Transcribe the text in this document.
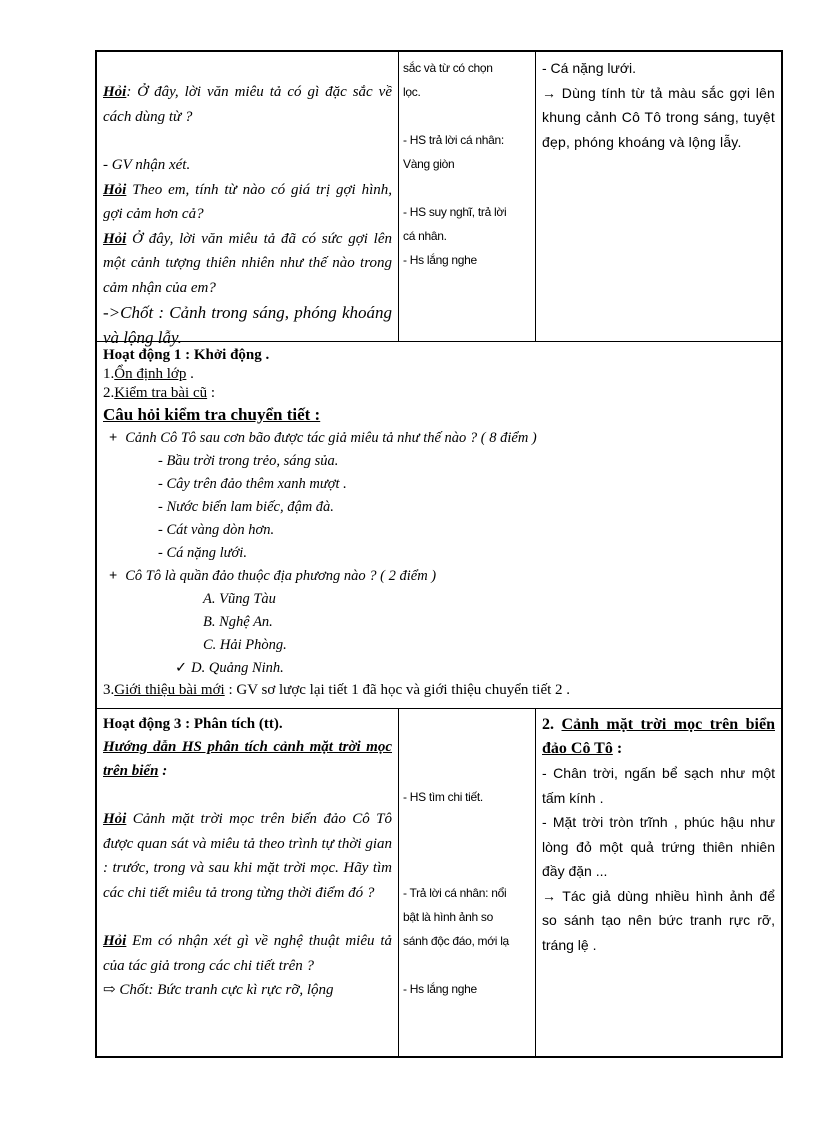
Hỏi: Ở đây, lời văn miêu tả có gì đặc sắc về cách dùng từ ?

- GV nhận xét.

Hỏi Theo em, tính từ nào có giá trị gợi hình, gợi cảm hơn cả?

Hỏi Ở đây, lời văn miêu tả đã có sức gợi lên một cảnh tượng thiên nhiên như thế nào trong cảm nhận của em?

->Chốt : Cảnh trong sáng, phóng khoáng và lộng lẫy.

sắc và từ có chọn

lọc.

- HS trả lời cá nhân:

Vàng giòn

- HS suy nghĩ, trả lời

cá nhân.

- Hs lắng nghe

- Cá nặng lưới.

→ Dùng tính từ tả màu sắc gợi lên khung cảnh Cô Tô trong sáng, tuyệt đẹp, phóng khoáng và lộng lẫy.

Hoạt động 1 : Khởi động .

1.Ổn định lớp .

2.Kiểm tra bài cũ :

Câu hỏi kiểm tra chuyển tiết :

+ Cảnh Cô Tô sau cơn bão được tác giả miêu tả như thế nào ? ( 8 điểm )

- Bầu trời trong trẻo, sáng sủa.

- Cây trên đảo thêm xanh mượt .

- Nước biển lam biếc, đậm đà.

- Cát vàng dòn hơn.

- Cá nặng lưới.

+ Cô Tô là quần đảo thuộc địa phương nào ? ( 2 điểm )

A. Vũng Tàu

B. Nghệ An.

C. Hải Phòng.

✓ D. Quảng Ninh.

3.Giới thiệu bài mới : GV sơ lược lại tiết 1 đã học và giới thiệu chuyển tiết 2 .

Hoạt động 3 : Phân tích (tt).

Hướng dẫn HS phân tích cảnh mặt trời mọc trên biển :

Hỏi Cảnh mặt trời mọc trên biển đảo Cô Tô được quan sát và miêu tả theo trình tự thời gian : trước, trong và sau khi mặt trời mọc. Hãy tìm các chi tiết miêu tả trong từng thời điểm đó ?

Hỏi Em có nhận xét gì về nghệ thuật miêu tả của tác giả trong các chi tiết trên ?

⇨ Chốt: Bức tranh cực kì rực rỡ, lộng

- HS tìm chi tiết.

- Trả lời cá nhân: nổi

bật là hình ảnh so

sánh độc đáo, mới lạ

- Hs lắng nghe

2. Cảnh mặt trời mọc trên biển đảo Cô Tô :

- Chân trời, ngấn bể sạch như một tấm kính .

- Mặt trời tròn trĩnh , phúc hậu như lòng đỏ một quả trứng thiên nhiên đầy đặn ...

→ Tác giả dùng nhiều hình ảnh để so sánh tạo nên bức tranh rực rỡ, tráng lệ .
